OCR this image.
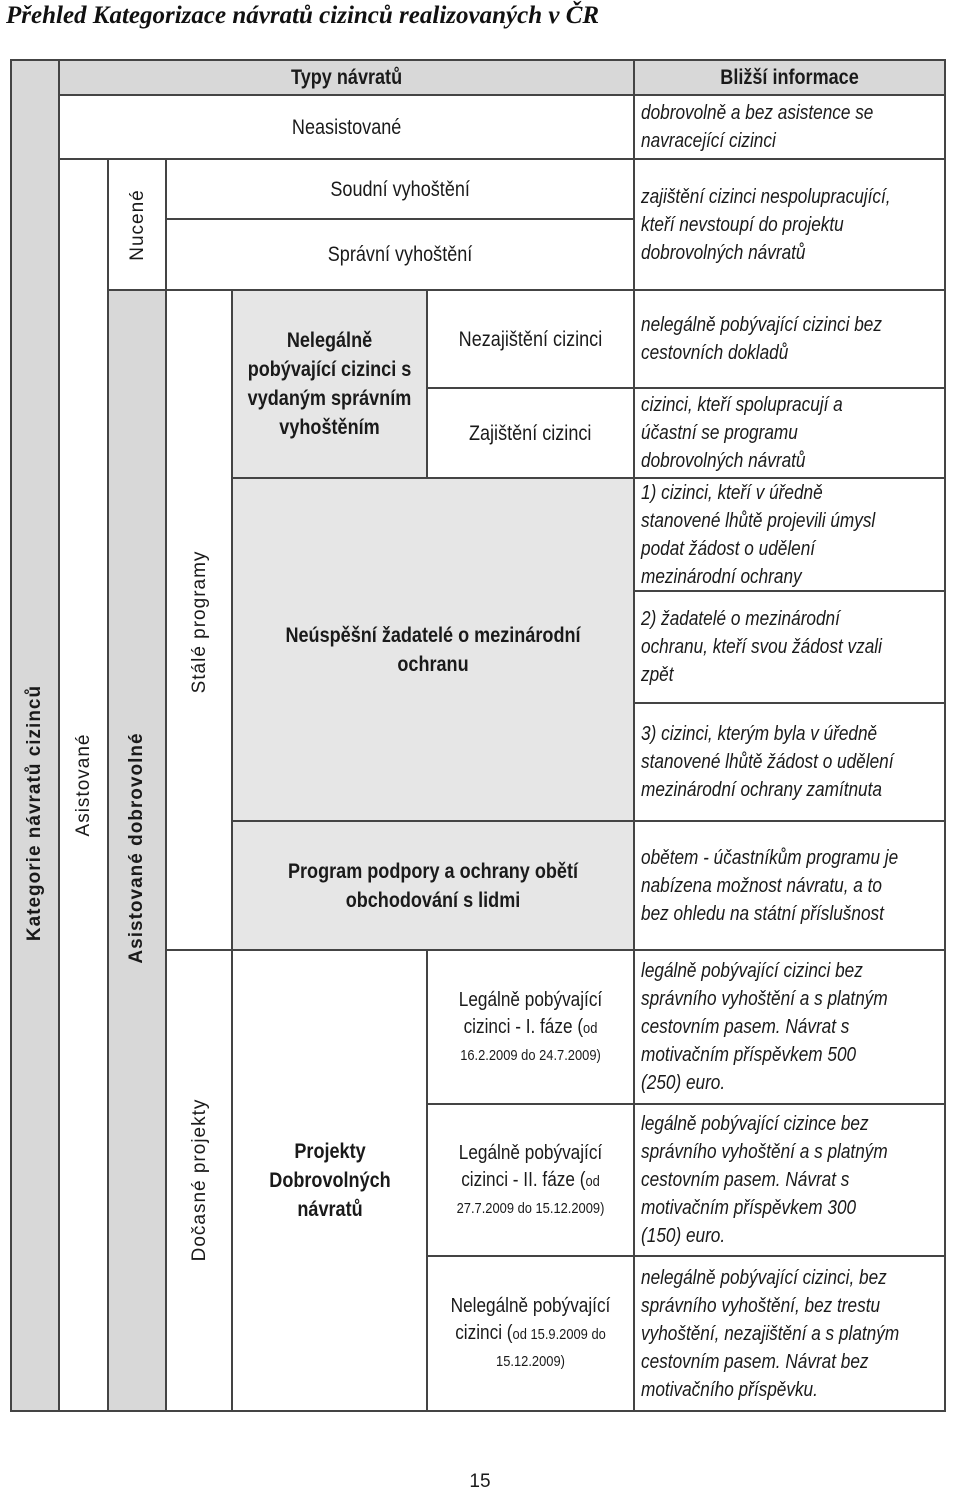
Přehled Kategorizace návratů cizinců realizovaných v ČR
Kategorie návratů cizinců
Typy návratů	Bližší informace
Asistované
Neasistované
dobrovolně a bez asistence se navracející cizinci
Nucené
Soudní vyhoštění
Správní vyhoštění
zajištění cizinci nespolupracující, kteří nevstoupí do projektu dobrovolných návratů
Asistované dobrovolné
Stálé programy
Nelegálně pobývající cizinci s vydaným správním vyhoštěním
Nezajištění cizinci
nelegálně pobývající cizinci bez cestovních dokladů
Zajištění cizinci
cizinci, kteří spolupracují a účastní se programu dobrovolných návratů
Neúspěšní žadatelé o mezinárodní ochranu
1) cizinci, kteří v úředně stanovené lhůtě projevili úmysl podat žádost o udělení mezinárodní ochrany
2) žadatelé o mezinárodní ochranu, kteří svou žádost vzali zpět
3) cizinci, kterým byla v úředně stanovené lhůtě žádost o udělení mezinárodní ochrany zamítnuta
Program podpory a ochrany obětí obchodování s lidmi
obětem - účastníkům programu je nabízena možnost návratu, a to bez ohledu na státní příslušnost
Dočasné projekty	Projekty Dobrovolných návratů
Legálně pobývající cizinci - I. fáze (od 16.2.2009 do 24.7.2009)
legálně pobývající cizinci bez správního vyhoštění a s platným cestovním pasem. Návrat s motivačním příspěvkem 500 (250) euro.
Legálně pobývající cizinci - II. fáze (od 27.7.2009 do 15.12.2009)
legálně pobývající cizince bez správního vyhoštění a s platným cestovním pasem. Návrat s motivačním příspěvkem 300 (150) euro.
Nelegálně pobývající cizinci (od 15.9.2009 do 15.12.2009)
nelegálně pobývající cizinci, bez správního vyhoštění, bez trestu vyhoštění, nezajištění a s platným cestovním pasem. Návrat bez motivačního příspěvku.
15
